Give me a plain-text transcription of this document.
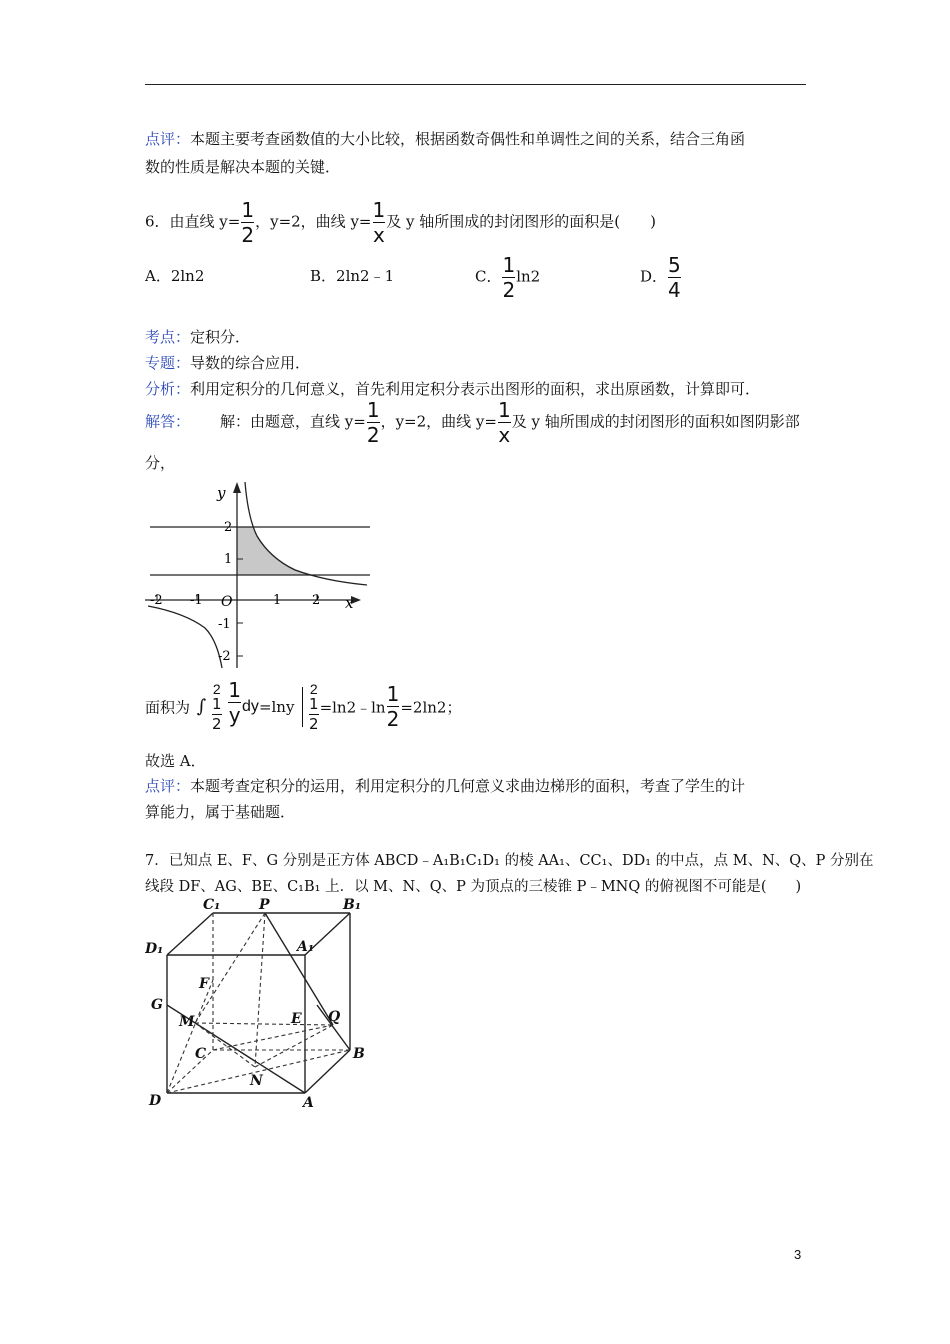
点评：本题主要考查函数值的大小比较，根据函数奇偶性和单调性之间的关系，结合三角函
数的性质是解决本题的关键．
6．由直线 $y= \frac{1}{2}$ ，y=2，曲线 $y= \frac{1}{x}$ 及 y 轴所围成的封闭图形的面积是(　　)
A．2ln2	B．2ln2﹣1	C． $\frac{1}{2} \ln 2$	D． $\frac{5}{4}$
考点：定积分．
专题：导数的综合应用．
分析：利用定积分的几何意义，首先利用定积分表示出图形的面积，求出原函数，计算即可．
解答： 解：由题意，直线 $y= \frac{1}{2}$ ，y=2，曲线 $y= \frac{1}{x}$ 及 y 轴所围成的封闭图形的面积如图阴影部
分，
y
x
O
-2 -1	1 2
2
1
-1
-2
面积为 ∫
2
1
2
$\frac{1}{y} dy=\ln y$
2
1
2
=ln2﹣ln $\frac{1}{2} =2\ln 2$；
故选 A．
点评：本题考查定积分的运用，利用定积分的几何意义求曲边梯形的面积，考查了学生的计
算能力，属于基础题．
7．已知点 E、F、G 分别是正方体 ABCD﹣A₁B₁C₁D₁ 的棱 AA₁、CC₁、DD₁ 的中点，点 M、N、Q、P 分别在
线段 DF、AG、BE、C₁B₁ 上．以 M、N、Q、P 为顶点的三棱锥 P﹣MNQ 的俯视图不可能是(　　)
C₁	P	B₁
D₁	A₁
F
G
M	E Q
C	B
N
D	A
3
